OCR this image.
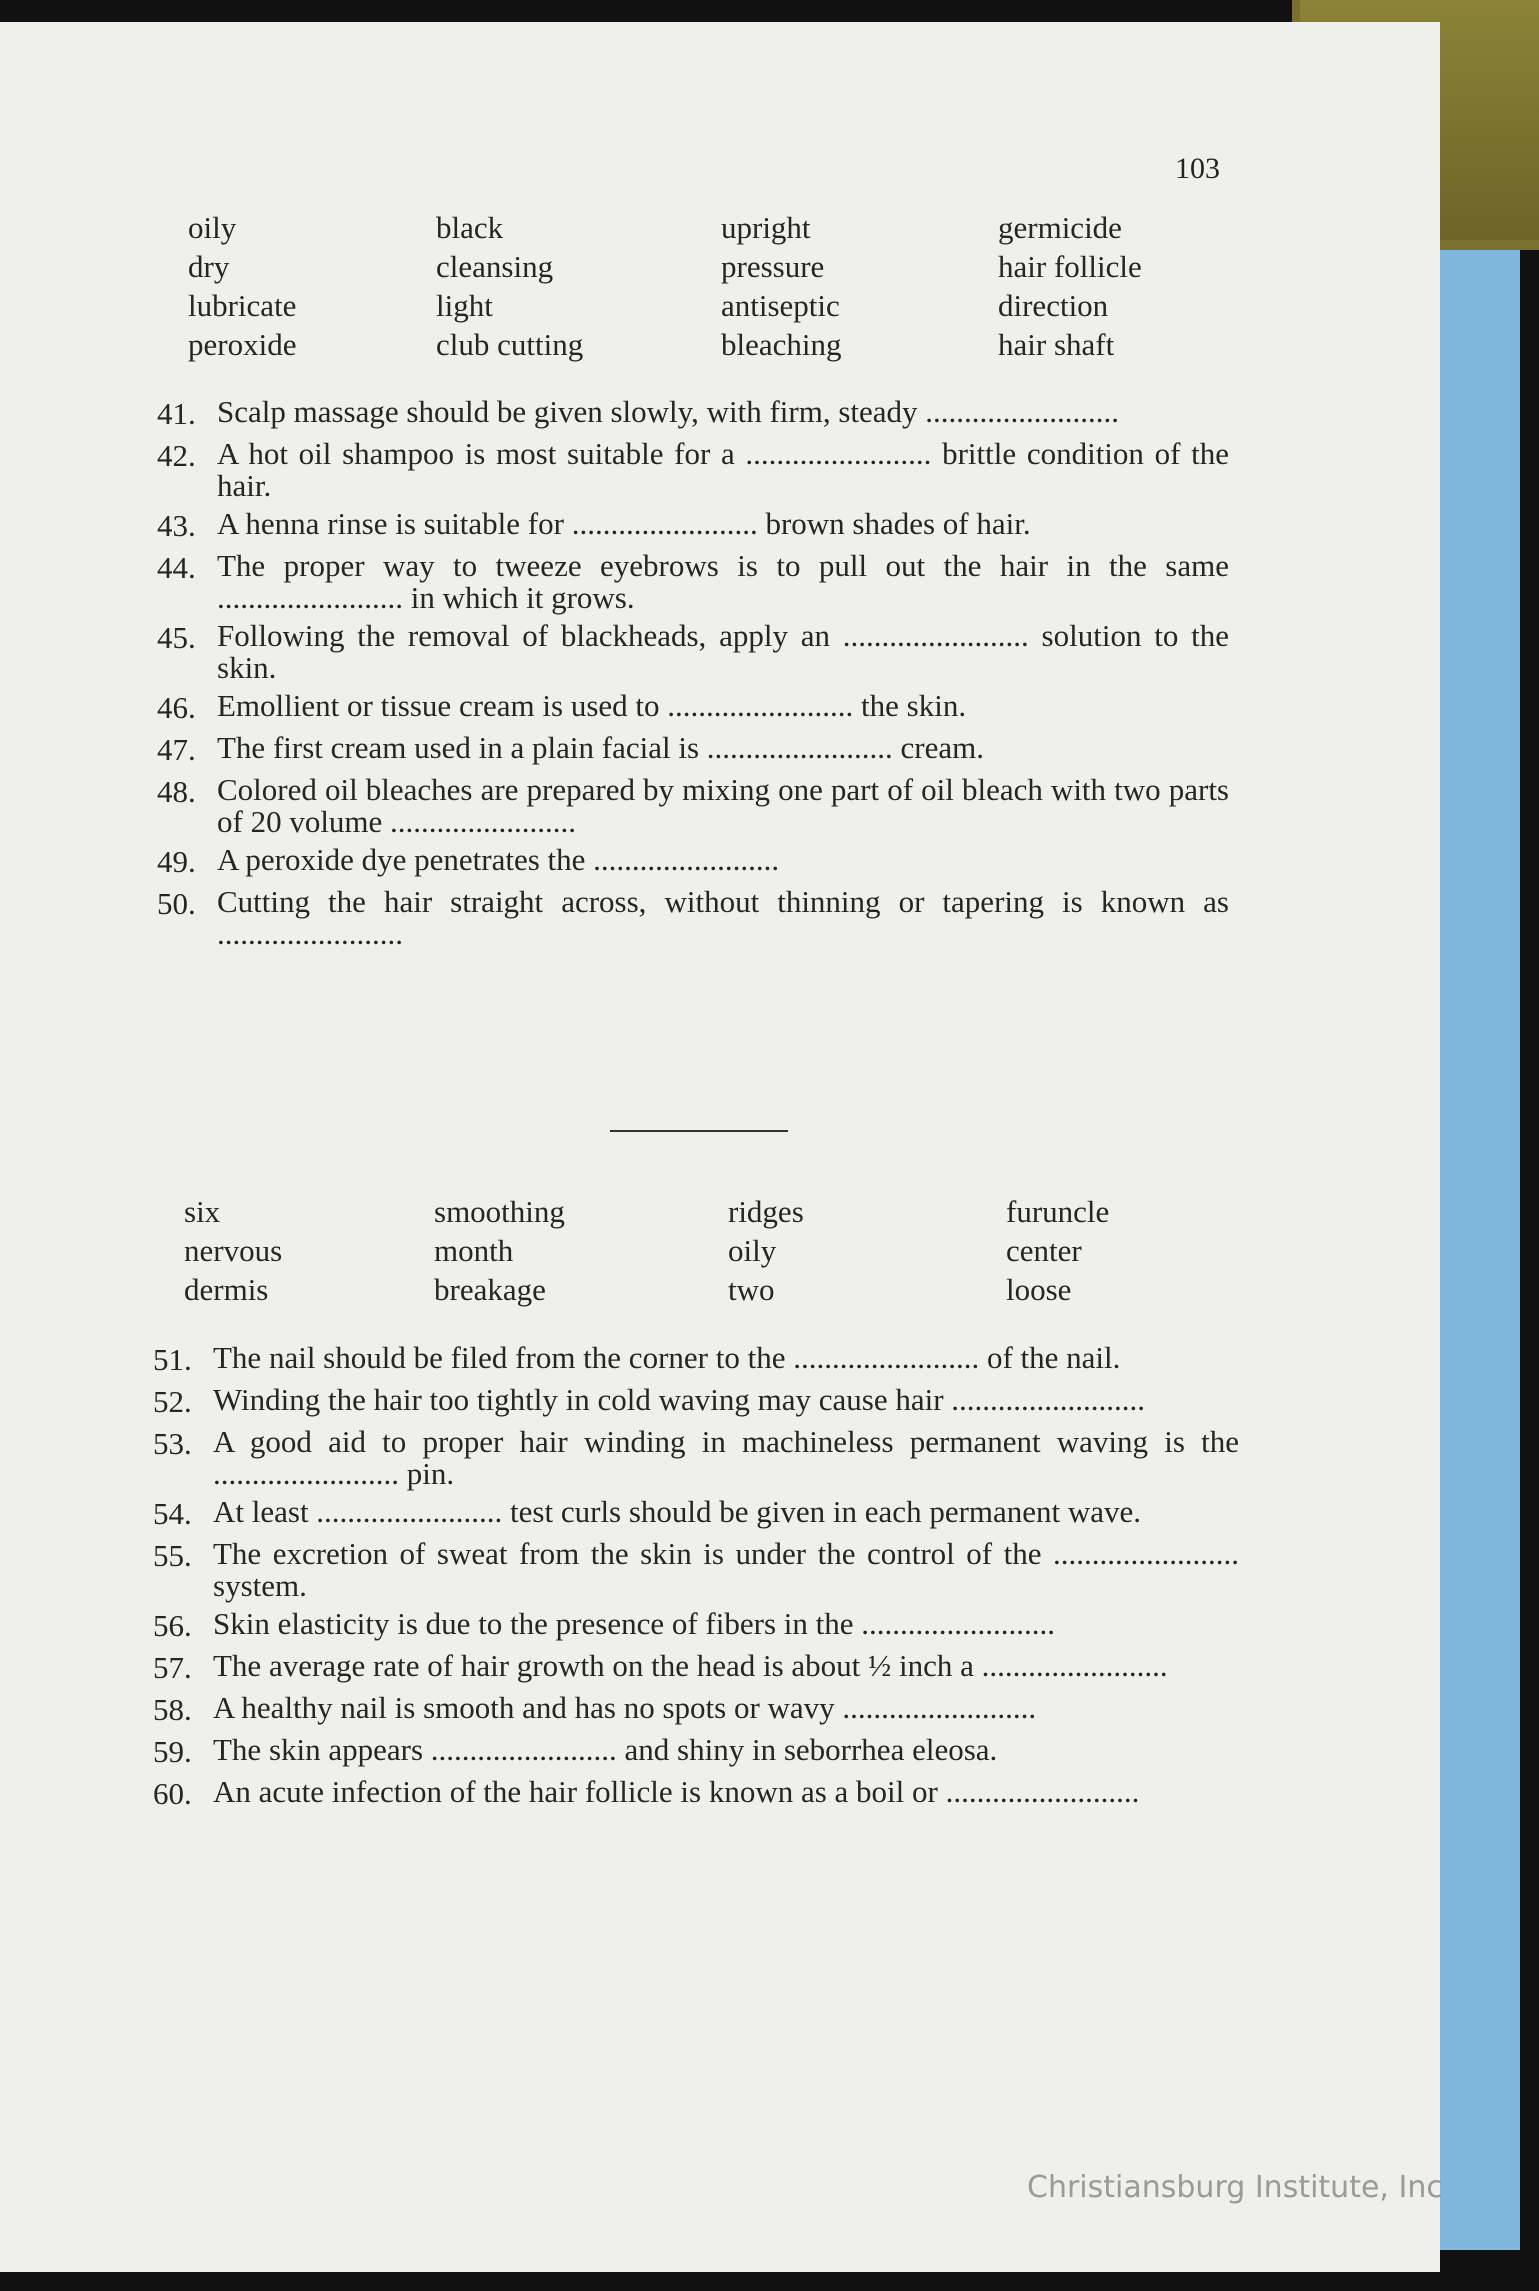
103
oily	black	upright	germicide
dry	cleansing	pressure	hair follicle
lubricate	light	antiseptic	direction
peroxide	club cutting	bleaching	hair shaft
41. Scalp massage should be given slowly, with firm, steady .........................
42. A hot oil shampoo is most suitable for a ........................ brittle condition of the hair.
43. A henna rinse is suitable for ........................ brown shades of hair.
44. The proper way to tweeze eyebrows is to pull out the hair in the same ........................ in which it grows.
45. Following the removal of blackheads, apply an ........................ solution to the skin.
46. Emollient or tissue cream is used to ........................ the skin.
47. The first cream used in a plain facial is ........................ cream.
48. Colored oil bleaches are prepared by mixing one part of oil bleach with two parts of 20 volume ........................
49. A peroxide dye penetrates the ........................
50. Cutting the hair straight across, without thinning or tapering is known as ........................
six	smoothing	ridges	furuncle
nervous	month	oily	center
dermis	breakage	two	loose
51. The nail should be filed from the corner to the ........................ of the nail.
52. Winding the hair too tightly in cold waving may cause hair .........................
53. A good aid to proper hair winding in machineless permanent waving is the ........................ pin.
54. At least ........................ test curls should be given in each permanent wave.
55. The excretion of sweat from the skin is under the control of the ........................ system.
56. Skin elasticity is due to the presence of fibers in the .........................
57. The average rate of hair growth on the head is about ½ inch a ........................
58. A healthy nail is smooth and has no spots or wavy .........................
59. The skin appears ........................ and shiny in seborrhea eleosa.
60. An acute infection of the hair follicle is known as a boil or .........................
Christiansburg Institute, Inc
